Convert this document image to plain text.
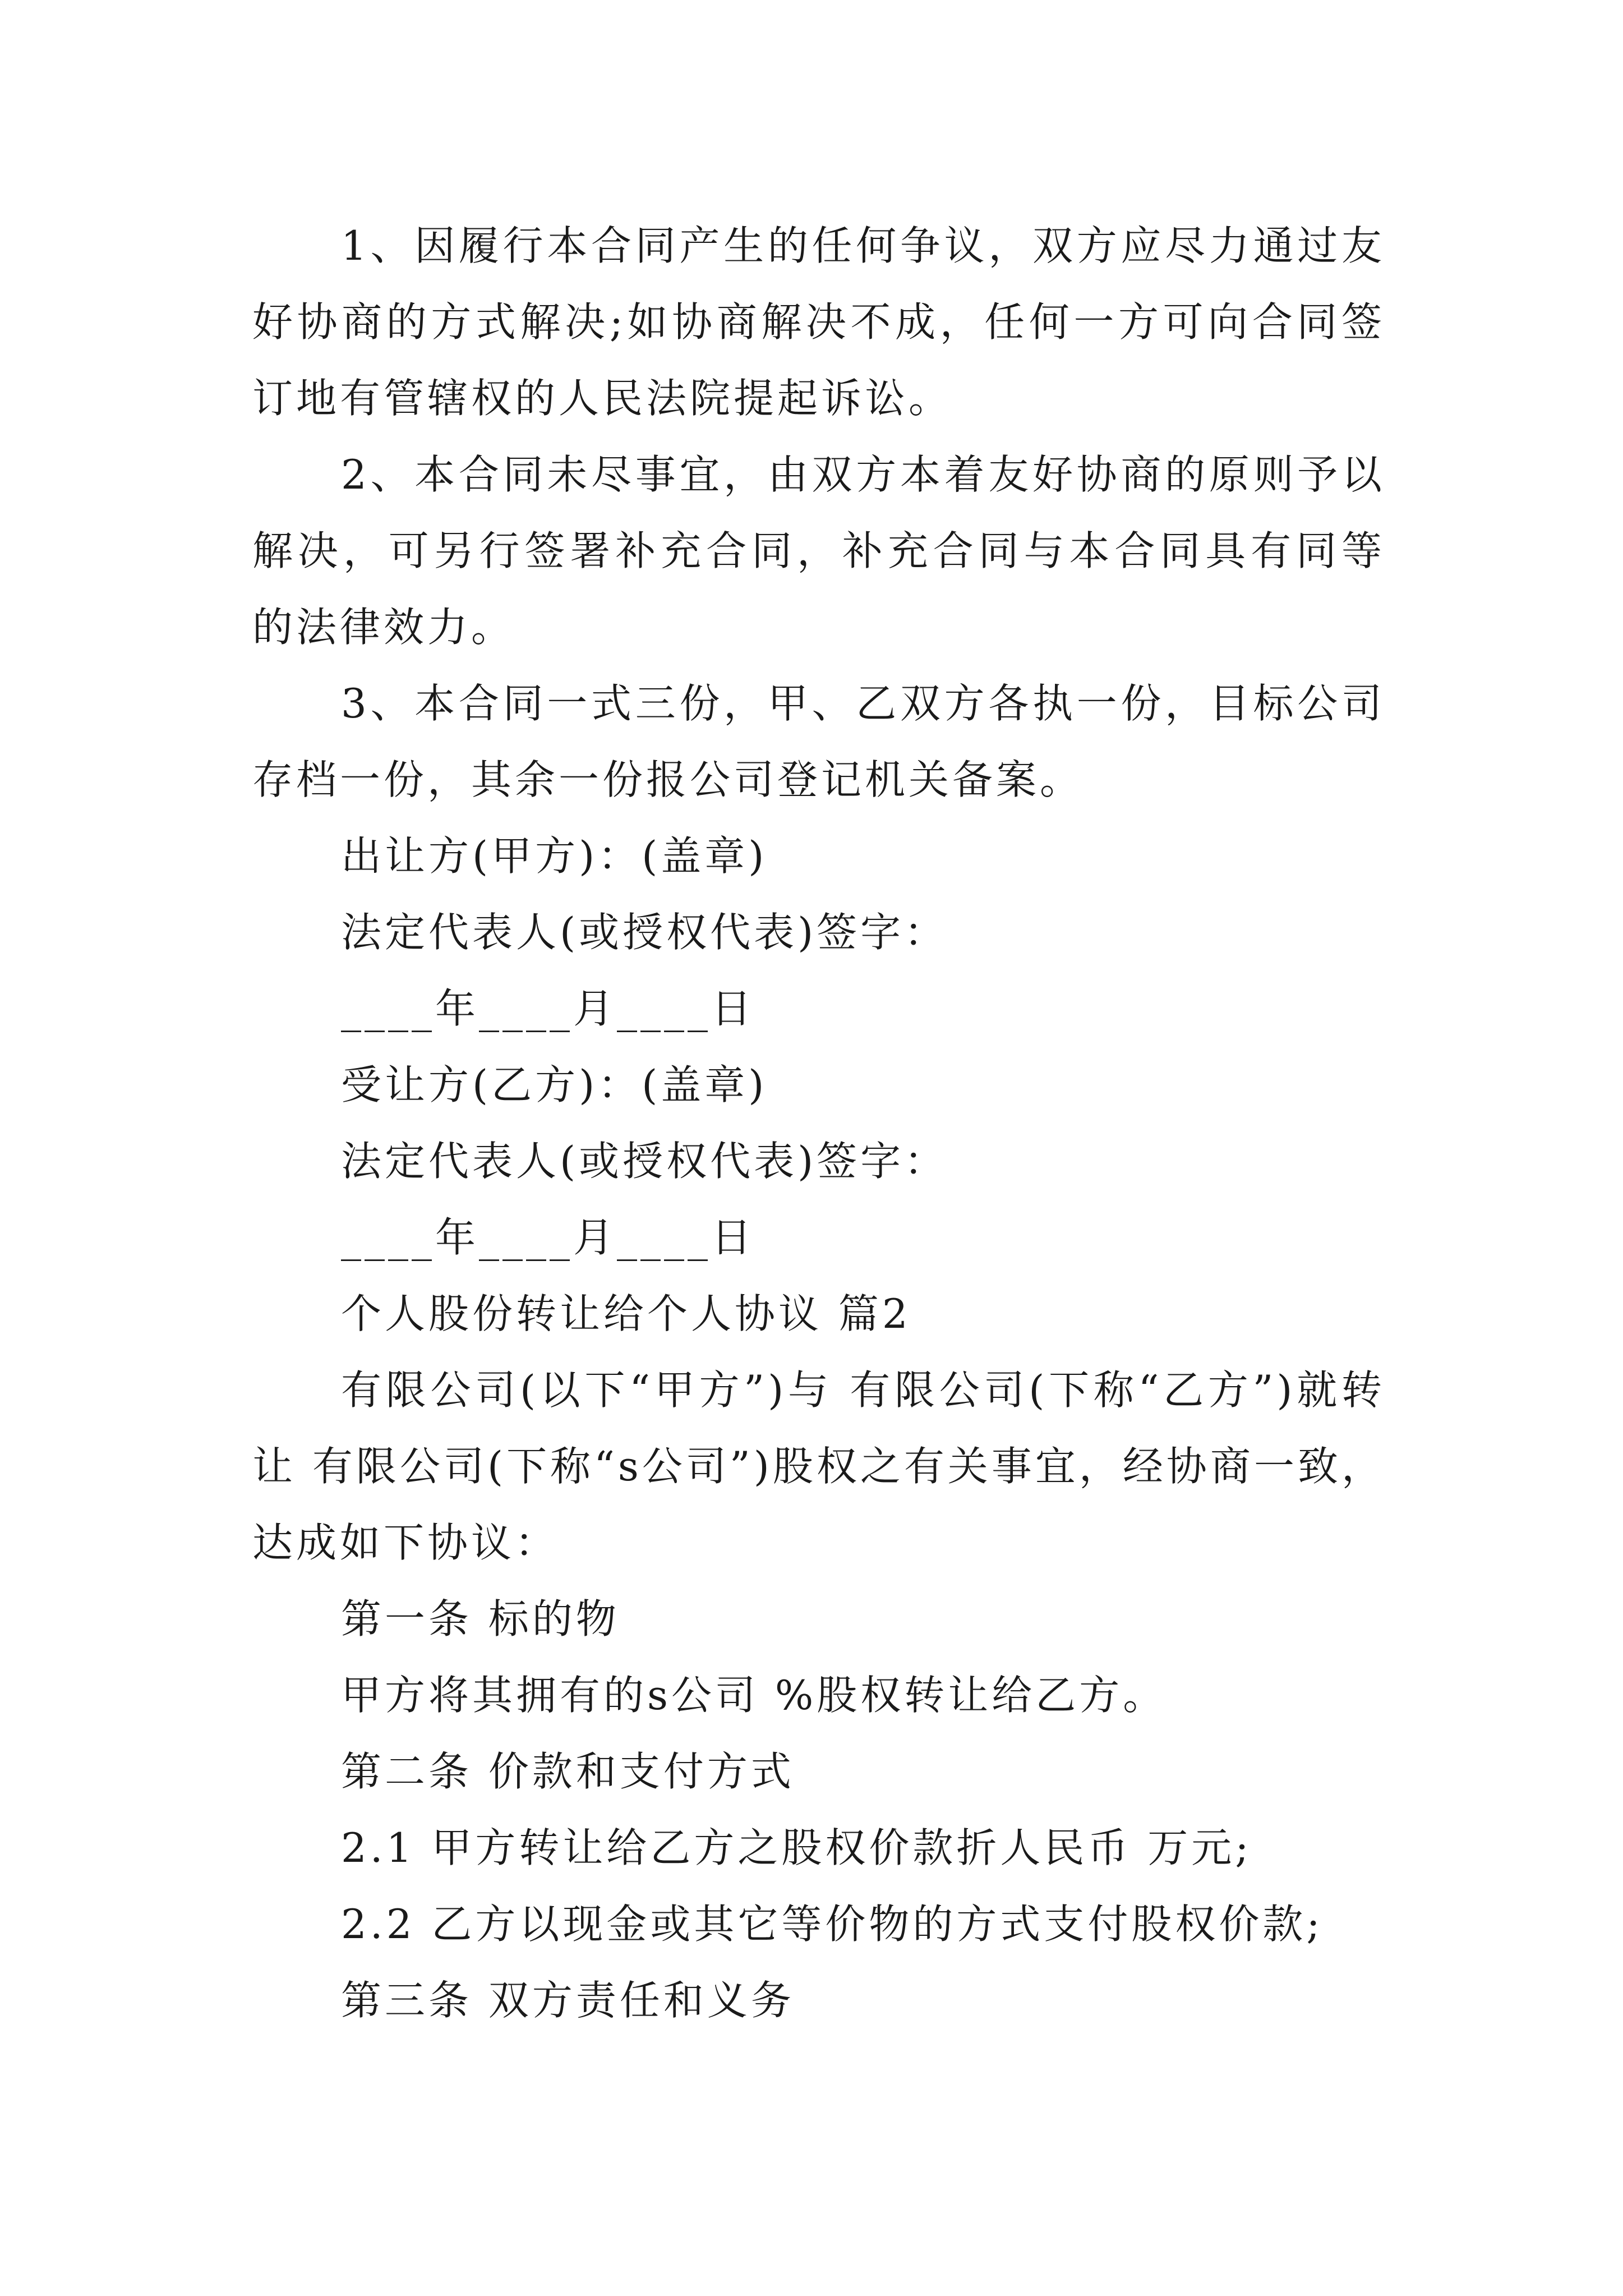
1、因履行本合同产生的任何争议，双方应尽力通过友好协商的方式解决;如协商解决不成，任何一方可向合同签订地有管辖权的人民法院提起诉讼。

2、本合同未尽事宜，由双方本着友好协商的原则予以解决，可另行签署补充合同，补充合同与本合同具有同等的法律效力。

3、本合同一式三份，甲、乙双方各执一份，目标公司存档一份，其余一份报公司登记机关备案。

出让方(甲方)：(盖章)

法定代表人(或授权代表)签字：

____年____月____日

受让方(乙方)：(盖章)

法定代表人(或授权代表)签字：

____年____月____日

个人股份转让给个人协议 篇2

有限公司(以下“甲方”)与 有限公司(下称“乙方”)就转让 有限公司(下称“s公司”)股权之有关事宜，经协商一致，达成如下协议：

第一条 标的物

甲方将其拥有的s公司 %股权转让给乙方。

第二条 价款和支付方式

2.1 甲方转让给乙方之股权价款折人民币 万元;

2.2 乙方以现金或其它等价物的方式支付股权价款;

第三条 双方责任和义务
